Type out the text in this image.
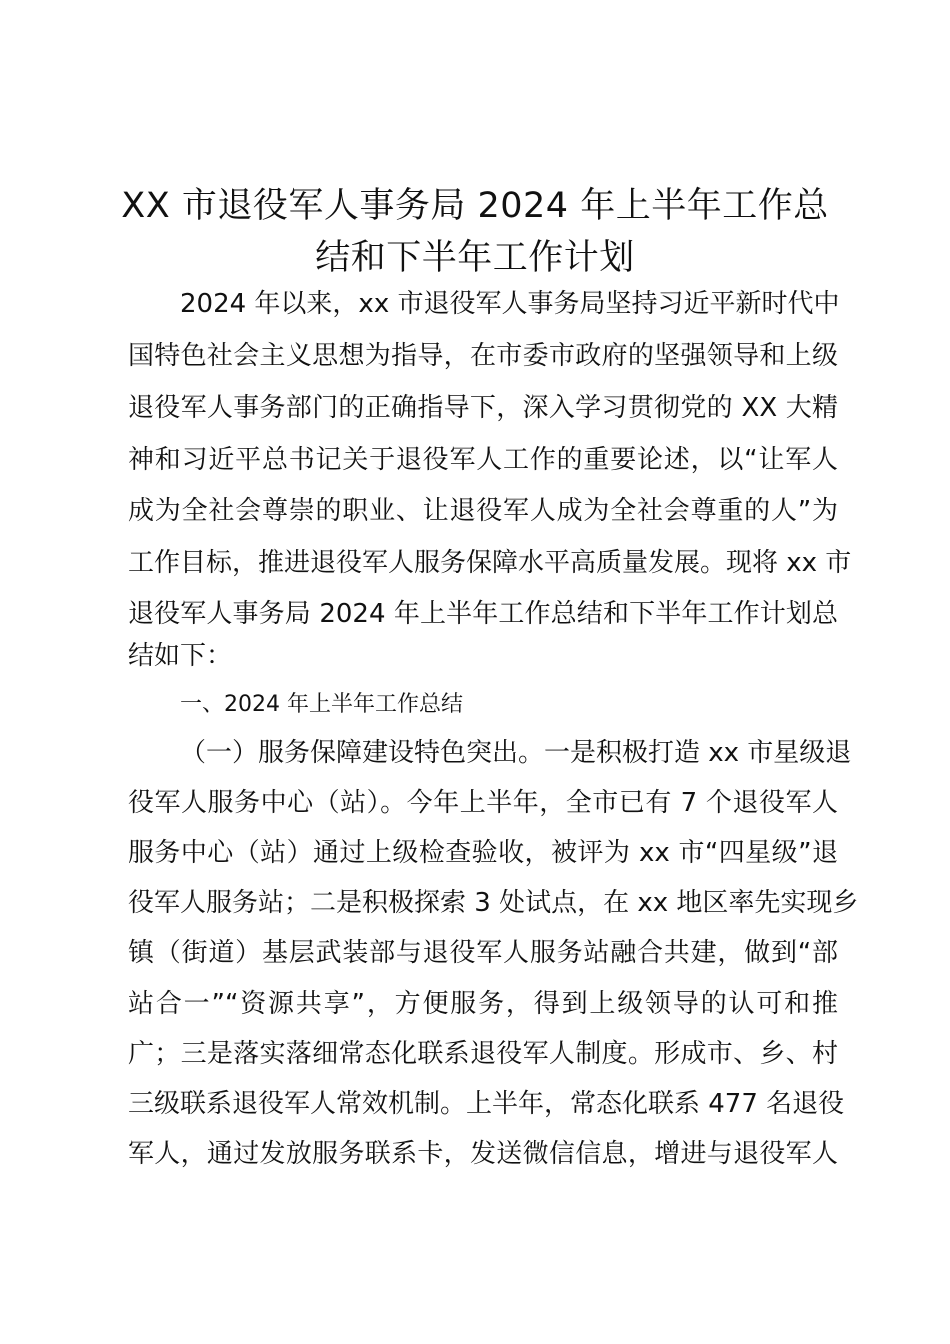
XX 市退役军人事务局 2024 年上半年工作总
结和下半年工作计划
2024 年以来，xx 市退役军人事务局坚持习近平新时代中
国特色社会主义思想为指导，在市委市政府的坚强领导和上级
退役军人事务部门的正确指导下，深入学习贯彻党的 XX 大精
神和习近平总书记关于退役军人工作的重要论述，以“让军人
成为全社会尊崇的职业、让退役军人成为全社会尊重的人”为
工作目标，推进退役军人服务保障水平高质量发展。现将 xx 市
退役军人事务局 2024 年上半年工作总结和下半年工作计划总
结如下：
一、2024 年上半年工作总结
（一）服务保障建设特色突出。一是积极打造 xx 市星级退
役军人服务中心（站）。今年上半年，全市已有 7 个退役军人
服务中心（站）通过上级检查验收，被评为 xx 市“四星级”退
役军人服务站；二是积极探索 3 处试点，在 xx 地区率先实现乡
镇（街道）基层武装部与退役军人服务站融合共建，做到“部
站合一”“资源共享”，方便服务，得到上级领导的认可和推
广；三是落实落细常态化联系退役军人制度。形成市、乡、村
三级联系退役军人常效机制。上半年，常态化联系 477 名退役
军人，通过发放服务联系卡，发送微信信息，增进与退役军人
